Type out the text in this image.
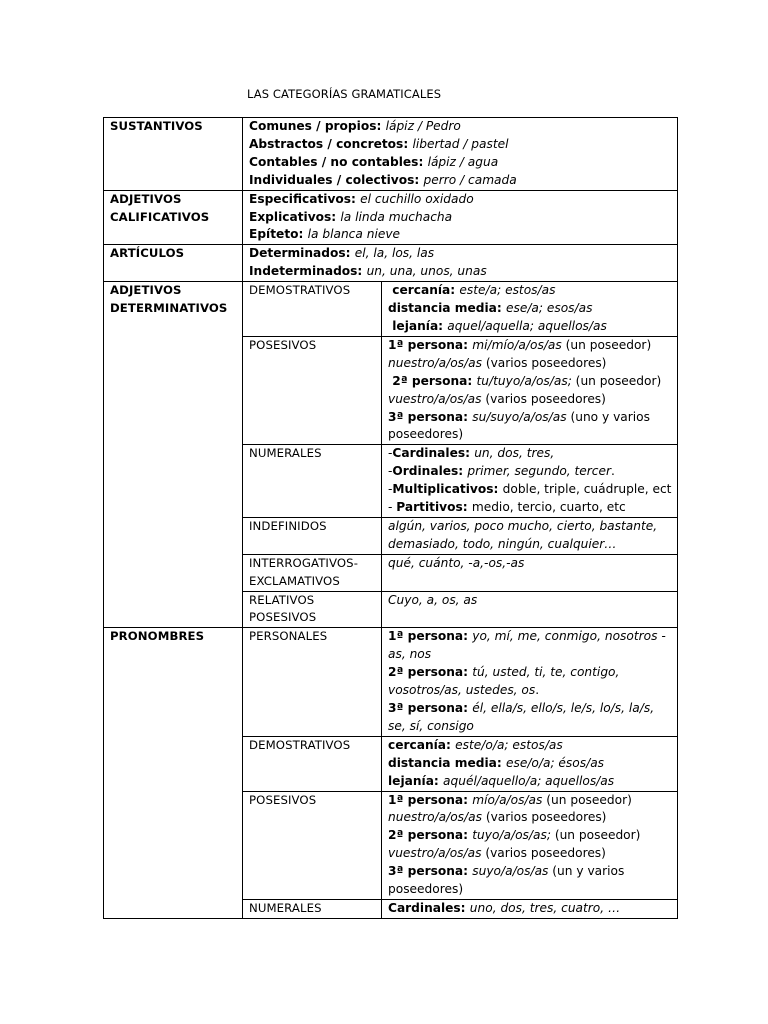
LAS CATEGORÍAS GRAMATICALES
SUSTANTIVOS	Comunes / propios: lápiz / Pedro
Abstractos / concretos: libertad / pastel
Contables / no contables: lápiz / agua
Individuales / colectivos: perro / camada	

ADJETIVOS CALIFICATIVOS	Especificativos: el cuchillo oxidado
Explicativos: la linda muchacha
Epíteto: la blanca nieve	

ARTÍCULOS	Determinados: el, la, los, las
Indeterminados: un, una, unos, unas	

ADJETIVOS DETERMINATIVOS	DEMOSTRATIVOS	cercanía: este/a; estos/as
distancia media: ese/a; esos/as
lejanía: aquel/aquella; aquellos/as

	POSESIVOS	1ª persona: mi/mío/a/os/as (un poseedor) nuestro/a/os/as (varios poseedores)
2ª persona: tu/tuyo/a/os/as; (un poseedor) vuestro/a/os/as (varios poseedores)
3ª persona: su/suyo/a/os/as (uno y varios poseedores)

	NUMERALES	-Cardinales: un, dos, tres,
-Ordinales: primer, segundo, tercer.
-Multiplicativos: doble, triple, cuádruple, ect
- Partitivos: medio, tercio, cuarto, etc

	INDEFINIDOS	algún, varios, poco mucho, cierto, bastante, demasiado, todo, ningún, cualquier…

	INTERROGATIVOS-EXCLAMATIVOS	qué, cuánto, -a,-os,-as

	RELATIVOS POSESIVOS	Cuyo, a, os, as

PRONOMBRES	PERSONALES	1ª persona: yo, mí, me, conmigo, nosotros -as, nos
2ª persona: tú, usted, ti, te, contigo, vosotros/as, ustedes, os.
3ª persona: él, ella/s, ello/s, le/s, lo/s, la/s, se, sí, consigo

	DEMOSTRATIVOS	cercanía: este/o/a; estos/as
distancia media: ese/o/a; ésos/as
lejanía: aquél/aquello/a; aquellos/as

	POSESIVOS	1ª persona: mío/a/os/as (un poseedor) nuestro/a/os/as (varios poseedores)
2ª persona: tuyo/a/os/as; (un poseedor) vuestro/a/os/as (varios poseedores)
3ª persona: suyo/a/os/as (un y varios poseedores)

	NUMERALES	Cardinales: uno, dos, tres, cuatro, …
